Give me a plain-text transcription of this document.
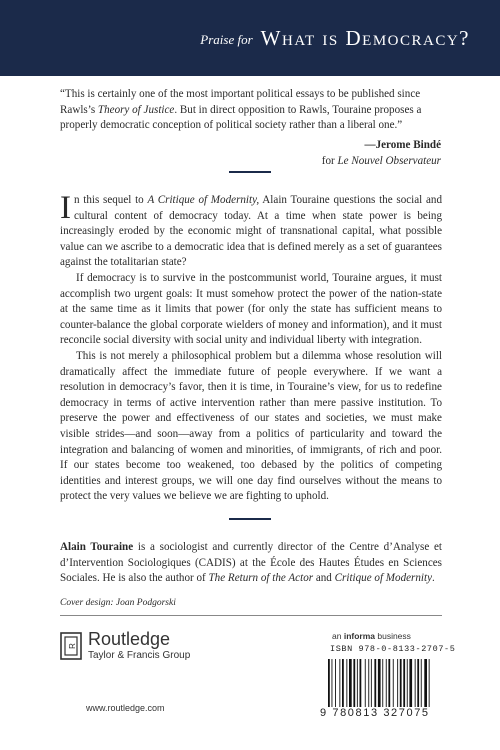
Praise for What is Democracy?

“This is certainly one of the most important political essays to be published since Rawls’s Theory of Justice. But in direct opposition to Rawls, Touraine proposes a properly democratic conception of political society rather than a liberal one.”

—Jerome Bindé
for Le Nouvel Observateur

In this sequel to A Critique of Modernity, Alain Touraine questions the social and cultural content of democracy today. At a time when state power is being increasingly eroded by the economic might of transnational capital, what possible value can we ascribe to a democratic idea that is defined merely as a set of guarantees against the totalitarian state?

If democracy is to survive in the postcommunist world, Touraine argues, it must accomplish two urgent goals: It must somehow protect the power of the nation-state at the same time as it limits that power (for only the state has sufficient means to counter-balance the global corporate wielders of money and information), and it must reconcile social diversity with social unity and individual liberty with integration.

This is not merely a philosophical problem but a dilemma whose resolution will dramatically affect the immediate future of people everywhere. If we want a resolution in democracy’s favor, then it is time, in Touraine’s view, for us to redefine democracy in terms of active intervention rather than mere passive institution. To preserve the power and effectiveness of our states and societies, we must make visible strides—and soon—away from a politics of particularity and toward the integration and balancing of women and minorities, of immigrants, of rich and poor. If our states become too weakened, too debased by the politics of competing identities and interest groups, we will one day find ourselves without the means to protect the very values we believe we are fighting to uphold.

Alain Touraine is a sociologist and currently director of the Centre d’Analyse et d’Intervention Sociologiques (CADIS) at the École des Hautes Études en Sciences Sociales. He is also the author of The Return of the Actor and Critique of Modernity.

Cover design: Joan Podgorski
R Routledge
Taylor & Francis Group
www.routledge.com
an informa business
ISBN 978-0-8133-2707-5
9 780813 327075
